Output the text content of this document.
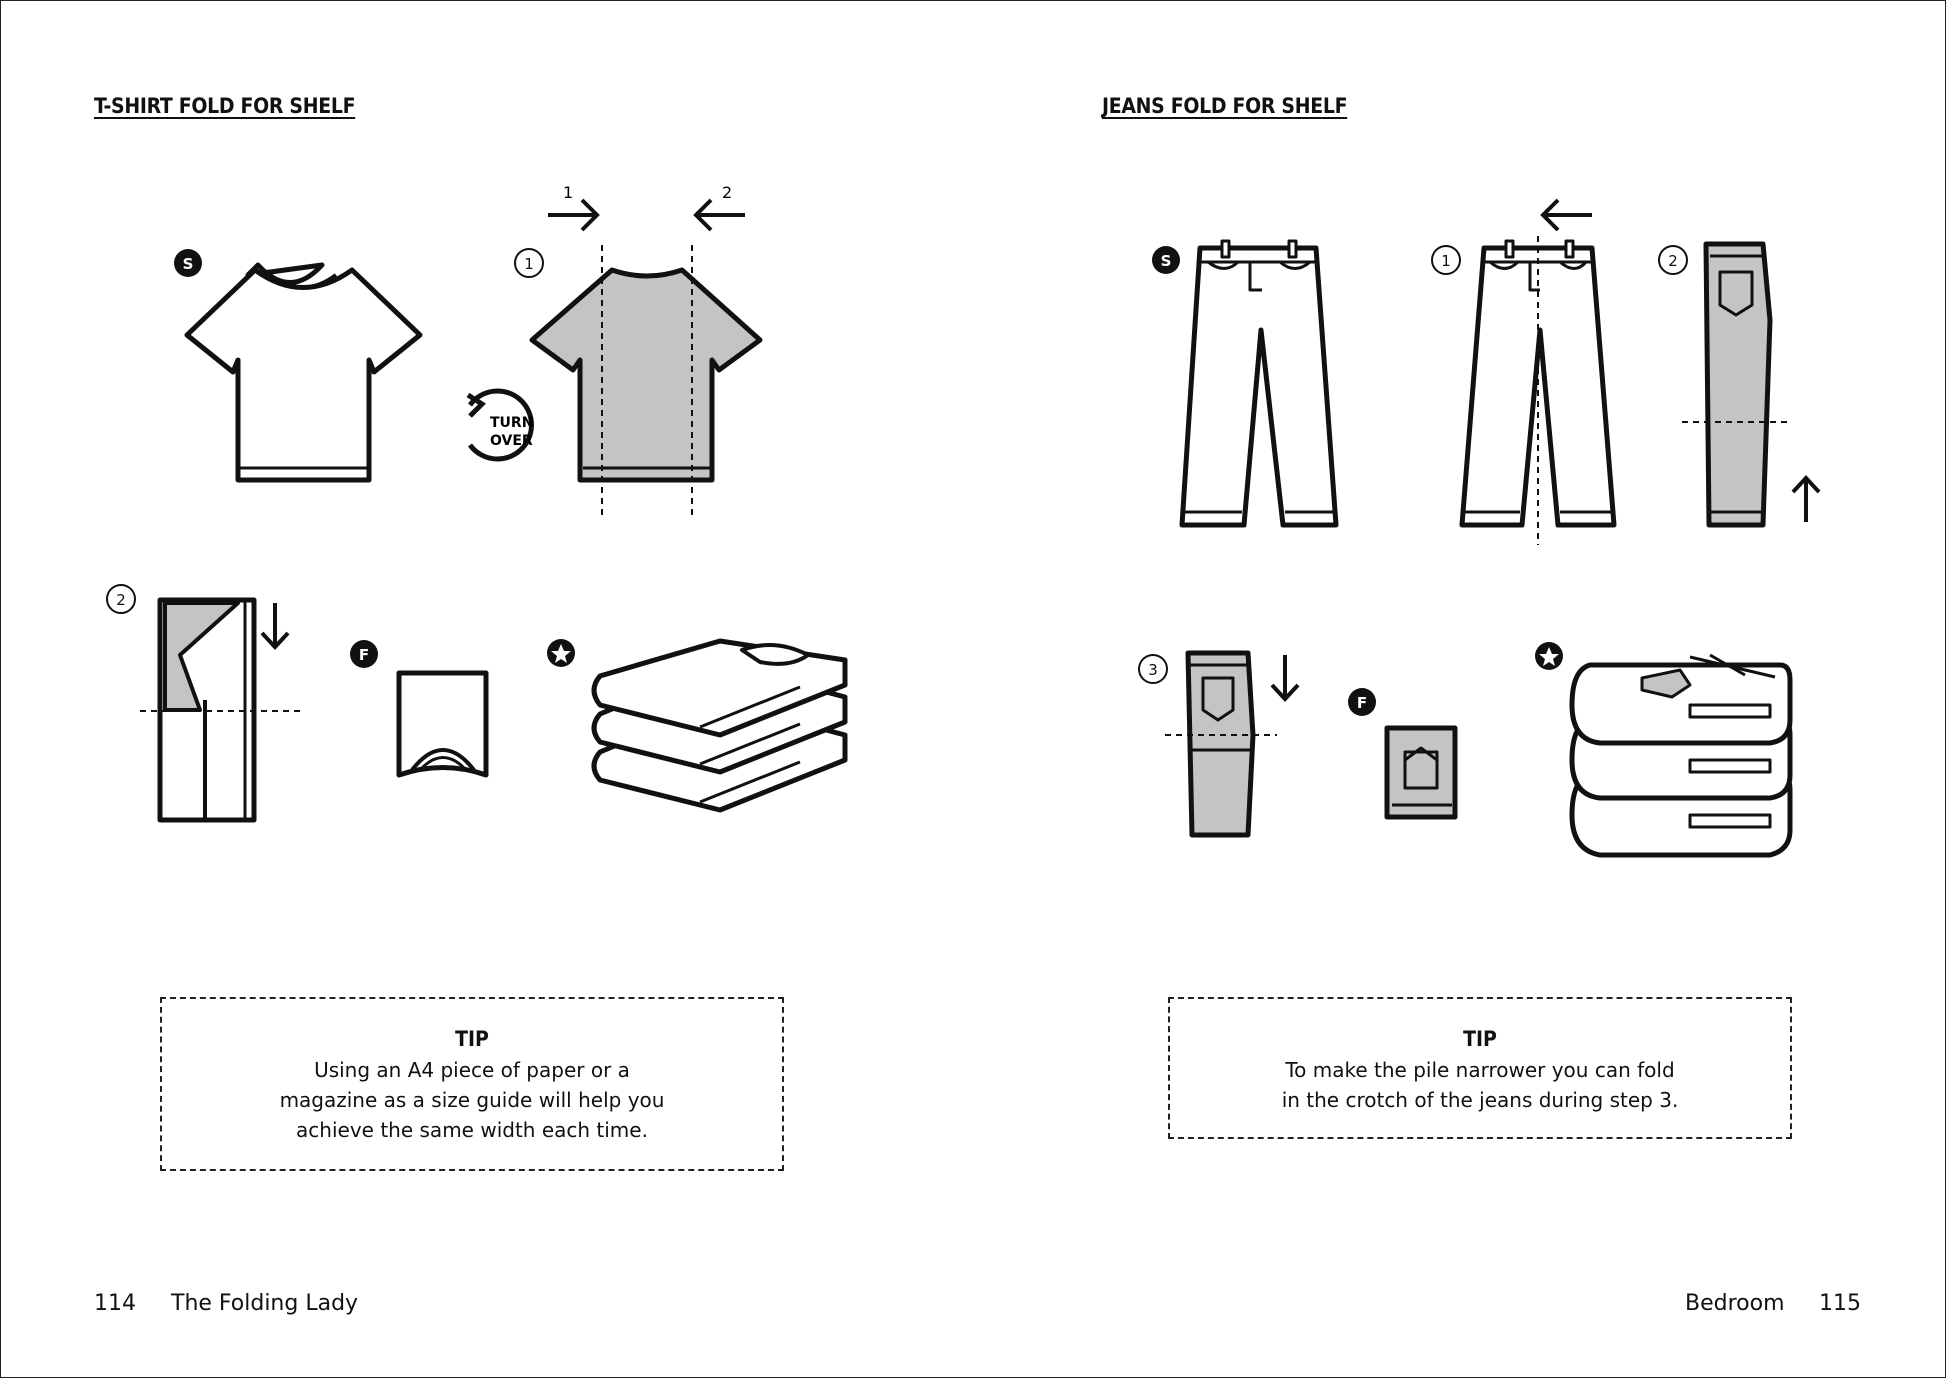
T-SHIRT FOLD FOR SHELF	JEANS FOLD FOR SHELF
S
TURN
OVER
1
1	2
2
F
S	1	2
3
F
TIP
Using an A4 piece of paper or a
magazine as a size guide will help you
achieve the same width each time.
TIP
To make the pile narrower you can fold
in the crotch of the jeans during step 3.
114 The Folding Lady	Bedroom 115
